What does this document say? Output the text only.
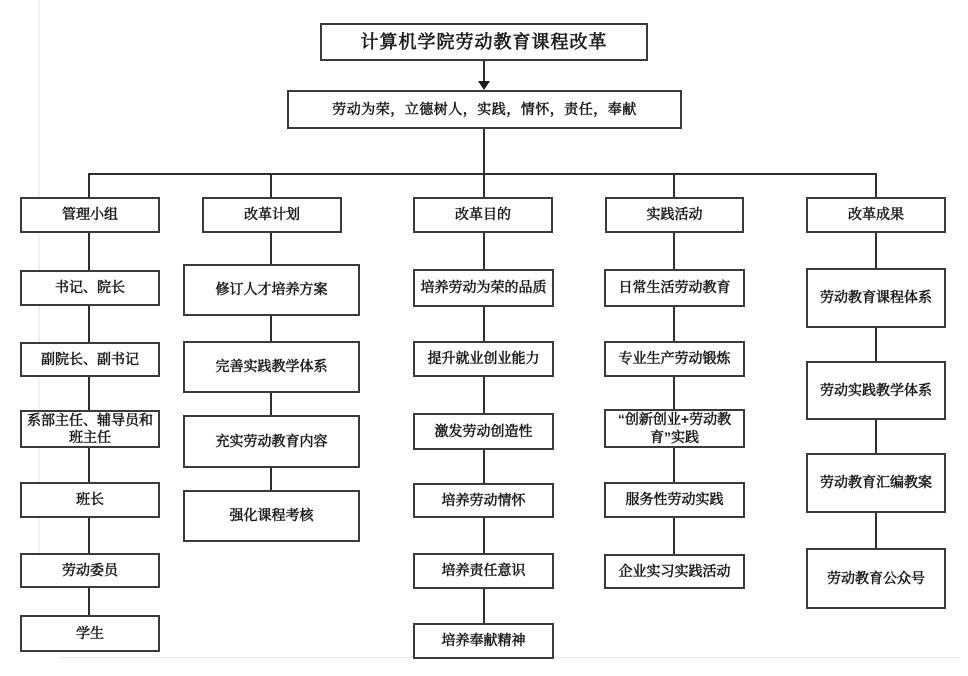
计算机学院劳动教育课程改革
劳动为荣，立德树人，实践，情怀，责任，奉献
管理小组	改革计划	改革目的	实践活动	改革成果
书记、院长
副院长、副书记
系部主任、辅导员和班主任
班长
劳动委员
学生
修订人才培养方案
完善实践教学体系
充实劳动教育内容
强化课程考核
培养劳动为荣的品质
提升就业创业能力
激发劳动创造性
培养劳动情怀
培养责任意识
培养奉献精神
日常生活劳动教育
专业生产劳动锻炼
“创新创业+劳动教育”实践
服务性劳动实践
企业实习实践活动
劳动教育课程体系
劳动实践教学体系
劳动教育汇编教案
劳动教育公众号
